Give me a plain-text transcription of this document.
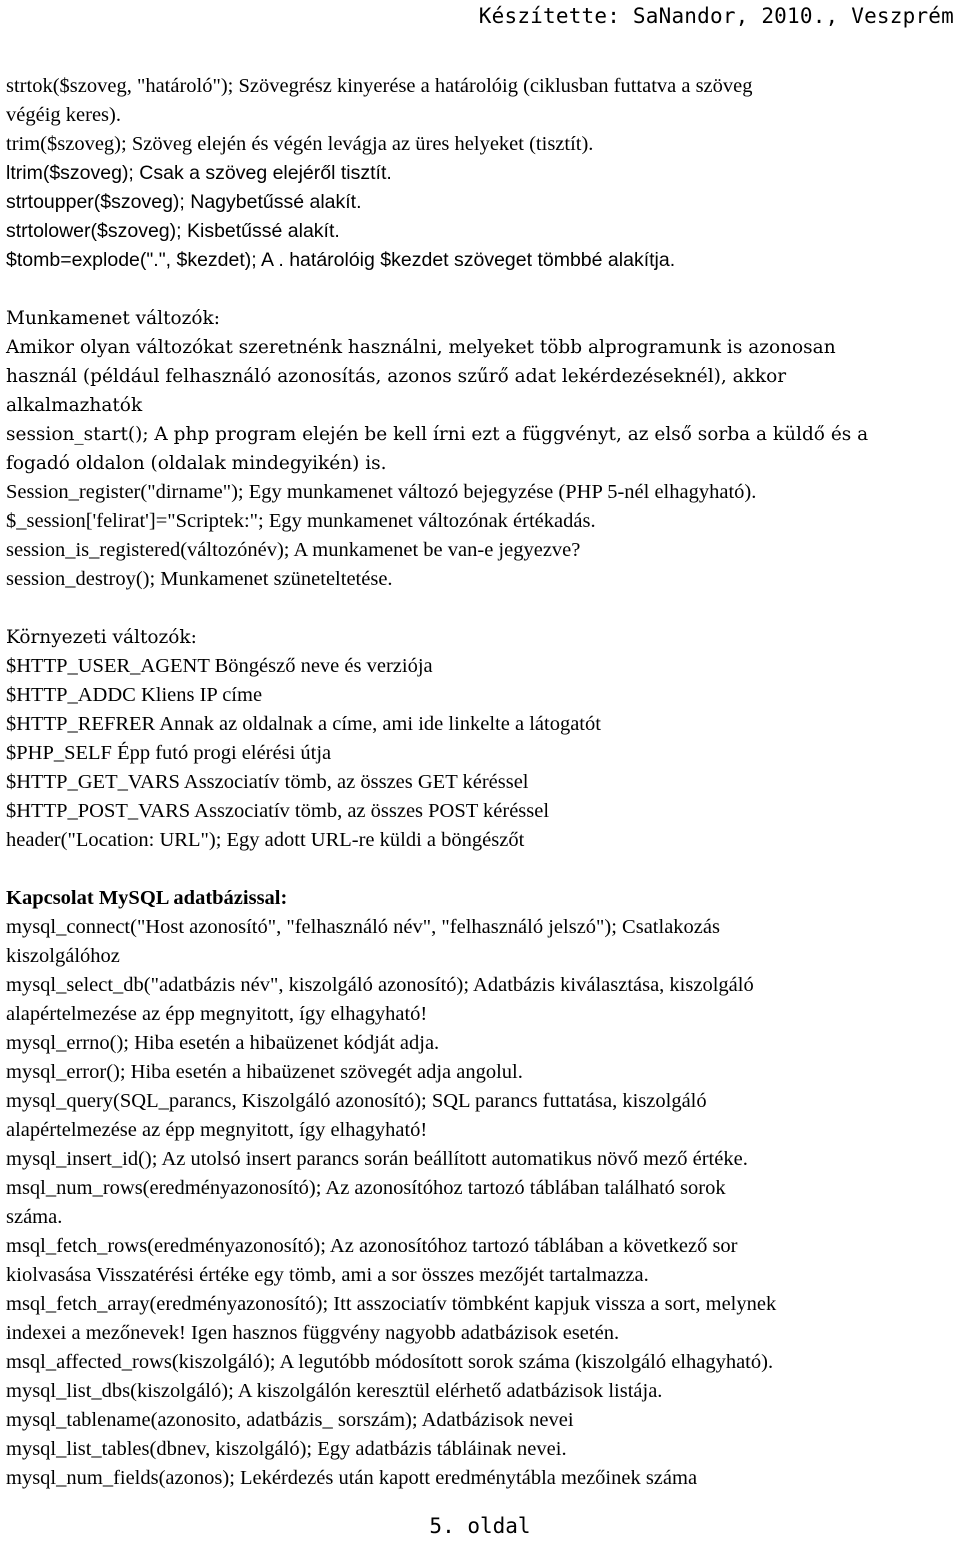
Készítette: SaNandor, 2010., Veszprém
strtok($szoveg, "határoló"); Szövegrész kinyerése a határolóig (ciklusban futtatva a szöveg
végéig keres).
trim($szoveg); Szöveg elején és végén levágja az üres helyeket (tisztít).
ltrim($szoveg); Csak a szöveg elejéről tisztít.
strtoupper($szoveg); Nagybetűssé alakít.
strtolower($szoveg); Kisbetűssé alakít.
$tomb=explode(".", $kezdet); A . határolóig $kezdet szöveget tömbbé alakítja.
Munkamenet változók:
Amikor olyan változókat szeretnénk használni, melyeket több alprogramunk is azonosan
használ (például felhasználó azonosítás, azonos szűrő adat lekérdezéseknél), akkor
alkalmazhatók
session_start(); A php program elején be kell írni ezt a függvényt, az első sorba a küldő és a
fogadó oldalon (oldalak mindegyikén) is.
Session_register("dirname"); Egy munkamenet változó bejegyzése (PHP 5-nél elhagyható).
$_session['felirat']="Scriptek:"; Egy munkamenet változónak értékadás.
session_is_registered(változónév); A munkamenet be van-e jegyezve?
session_destroy(); Munkamenet szüneteltetése.
Környezeti változók:
$HTTP_USER_AGENT Böngésző neve és verziója
$HTTP_ADDC Kliens IP címe
$HTTP_REFRER Annak az oldalnak a címe, ami ide linkelte a látogatót
$PHP_SELF Épp futó progi elérési útja
$HTTP_GET_VARS Asszociatív tömb, az összes GET kéréssel
$HTTP_POST_VARS Asszociatív tömb, az összes POST kéréssel
header("Location: URL"); Egy adott URL-re küldi a böngészőt
Kapcsolat MySQL adatbázissal:
mysql_connect("Host azonosító", "felhasználó név", "felhasználó jelszó"); Csatlakozás
kiszolgálóhoz
mysql_select_db("adatbázis név", kiszolgáló azonosító); Adatbázis kiválasztása, kiszolgáló
alapértelmezése az épp megnyitott, így elhagyható!
mysql_errno(); Hiba esetén a hibaüzenet kódját adja.
mysql_error(); Hiba esetén a hibaüzenet szövegét adja angolul.
mysql_query(SQL_parancs, Kiszolgáló azonosító); SQL parancs futtatása, kiszolgáló
alapértelmezése az épp megnyitott, így elhagyható!
mysql_insert_id(); Az utolsó insert parancs során beállított automatikus növő mező értéke.
msql_num_rows(eredményazonosító); Az azonosítóhoz tartozó táblában található sorok
száma.
msql_fetch_rows(eredményazonosító); Az azonosítóhoz tartozó táblában a következő sor
kiolvasása Visszatérési értéke egy tömb, ami a sor összes mezőjét tartalmazza.
msql_fetch_array(eredményazonosító); Itt asszociatív tömbként kapjuk vissza a sort, melynek
indexei a mezőnevek! Igen hasznos függvény nagyobb adatbázisok esetén.
msql_affected_rows(kiszolgáló); A legutóbb módosított sorok száma (kiszolgáló elhagyható).
mysql_list_dbs(kiszolgáló); A kiszolgálón keresztül elérhető adatbázisok listája.
mysql_tablename(azonosito, adatbázis_ sorszám); Adatbázisok nevei
mysql_list_tables(dbnev, kiszolgáló); Egy adatbázis tábláinak nevei.
mysql_num_fields(azonos); Lekérdezés után kapott eredménytábla mezőinek száma
5. oldal
